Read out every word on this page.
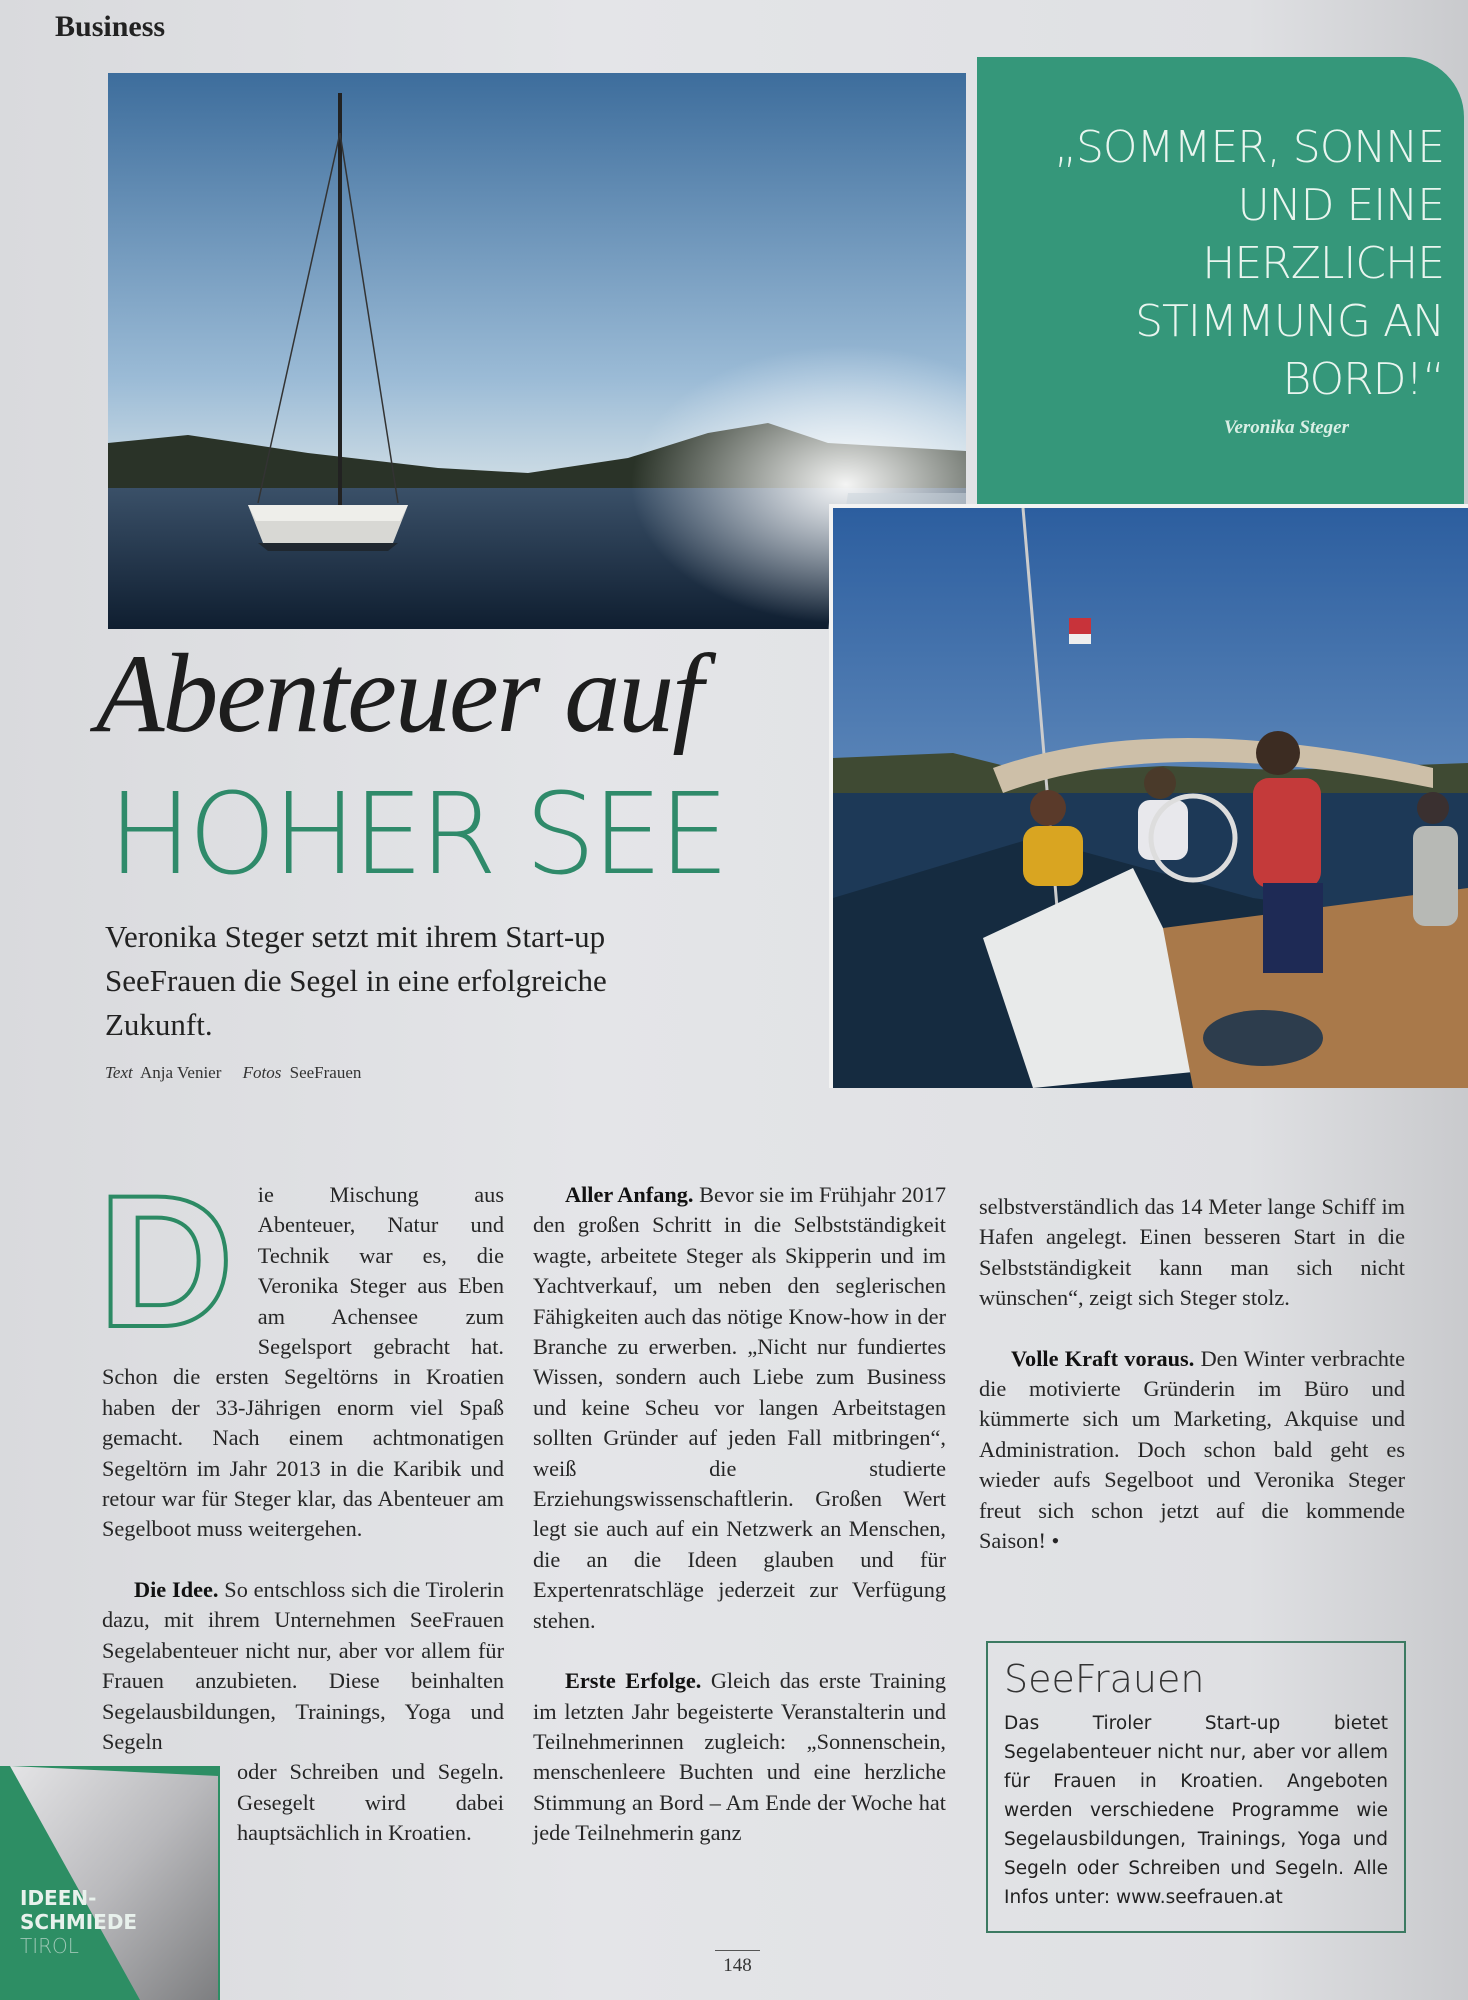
Business
„SOMMER, SONNE
UND EINE
HERZLICHE
STIMMUNG AN
BORD!“
Veronika Steger
Abenteuer auf
HOHER SEE
Veronika Steger setzt mit ihrem Start-up SeeFrauen die Segel in eine erfolgreiche Zukunft.
Text Anja Venier Fotos SeeFrauen

D ie Mischung aus Abenteuer, Natur und Technik war es, die Veronika Steger aus Eben am Achensee zum Segelsport gebracht hat. Schon die ersten Segeltörns in Kroatien haben der 33-Jährigen enorm viel Spaß gemacht. Nach einem achtmonatigen Segeltörn im Jahr 2013 in die Karibik und retour war für Steger klar, das Abenteuer am Segelboot muss weitergehen.

Die Idee. So entschloss sich die Tirolerin dazu, mit ihrem Unternehmen SeeFrauen Segelabenteuer nicht nur, aber vor allem für Frauen anzubieten. Diese beinhalten Segelausbildungen, Trainings, Yoga und Segeln

oder Schreiben und Segeln. Gesegelt wird dabei hauptsächlich in Kroatien.

Aller Anfang. Bevor sie im Frühjahr 2017 den großen Schritt in die Selbstständigkeit wagte, arbeitete Steger als Skipperin und im Yachtverkauf, um neben den seglerischen Fähigkeiten auch das nötige Know-how in der Branche zu erwerben. „Nicht nur fundiertes Wissen, sondern auch Liebe zum Business und keine Scheu vor langen Arbeitstagen sollten Gründer auf jeden Fall mitbringen“, weiß die studierte Erziehungswissenschaftlerin. Großen Wert legt sie auch auf ein Netzwerk an Menschen, die an die Ideen glauben und für Expertenratschläge jederzeit zur Verfügung stehen.

Erste Erfolge. Gleich das erste Training im letzten Jahr begeisterte Veranstalterin und Teilnehmerinnen zugleich: „Sonnenschein, menschenleere Buchten und eine herzliche Stimmung an Bord – Am Ende der Woche hat jede Teilnehmerin ganz

selbstverständlich das 14 Meter lange Schiff im Hafen angelegt. Einen besseren Start in die Selbstständigkeit kann man sich nicht wünschen“, zeigt sich Steger stolz.

Volle Kraft voraus. Den Winter verbrachte die motivierte Gründerin im Büro und kümmerte sich um Marketing, Akquise und Administration. Doch schon bald geht es wieder aufs Segelboot und Veronika Steger freut sich schon jetzt auf die kommende Saison! •

SeeFrauen
Das Tiroler Start-up bietet Segelabenteuer nicht nur, aber vor allem für Frauen in Kroatien. Angeboten werden verschiedene Programme wie Segelausbildungen, Trainings, Yoga und Segeln oder Schreiben und Segeln. Alle Infos unter: www.seefrauen.at
148
IDEEN-
SCHMIEDE
TIROL
